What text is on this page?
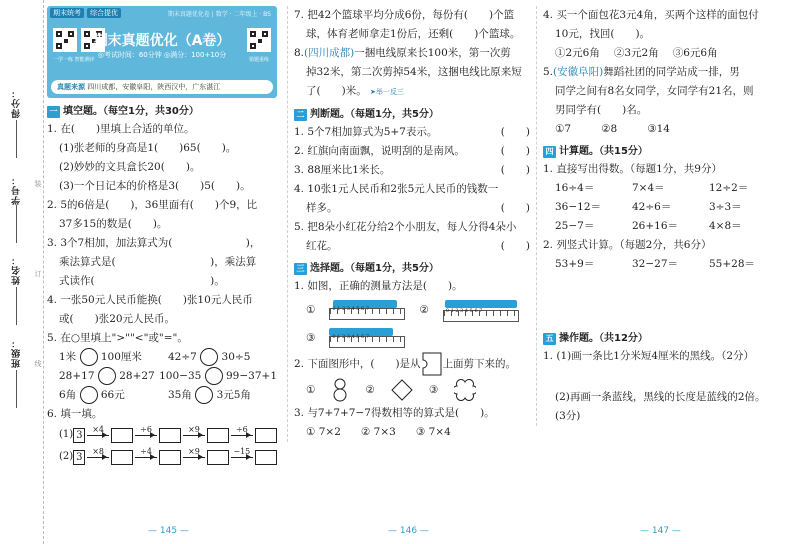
得分：
学号：
姓名：
班级：
装
订
线
期末统考 综合提优	期末真题优化卷 | 数学 · 二年级上 · BS
一学一练 智能测评
期末真题优化（A卷）
◎考试时间：60分钟 ◎满分：100+10分
错题重练
真题来源 四川成都，安徽阜阳，陕西汉中，广东湛江
一 填空题。（每空1分，共30分）
1. 在(　　)里填上合适的单位。
(1)张老师的身高是1(　　)65(　　)。
(2)妙妙的文具盒长20(　　)。
(3)一个日记本的价格是3(　　)5(　　)。
2. 5的6倍是(　　)，36里面有(　　)个9，比
37多15的数是(　　)。
3. 3个7相加，加法算式为(　　　　　　　)，
乘法算式是(　　　　　　　　　)，乘法算
式读作(　　　　　　　　　　　)。
4. 一张50元人民币能换(　　)张10元人民币
或(　　)张20元人民币。
5. 在○里填上">""<"或"="。
1米 100厘米	42÷7 30÷5
28+17 28+27 100−35 99−37+1
6角 66元	35角 3元5角
6. 填一填。
(1) 3
×4	÷6	×9	÷6
(2) 3
×8	÷4	×9	−15
— 145 —
7. 把42个篮球平均分成6份，每份有(　　)个篮
球，体育老师拿走1份后，还剩(　　)个篮球。
8.(四川成都)一捆电线原来长100米，第一次剪
掉32米，第二次剪掉54米，这捆电线比原来短
了(　　)米。 ➤举一反三
二 判断题。（每题1分，共5分）
1. 5个7相加算式为5+7表示。	(　　)
2. 红旗向南面飘，说明刮的是南风。	(　　)
3. 88厘米比1米长。	(　　)
4. 10张1元人民币和2张5元人民币的钱数一
样多。	(　　)
5. 把8朵小红花分给2个小朋友，每人分得4朵小
红花。	(　　)
三 选择题。（每题1分，共5分）
1. 如图，正确的测量方法是(　　)。
①	0 1 2 3 4 5 6 7	②	0 1 2 3 4 5 6 7
③	0 1 2 3 4 5 6 7
2. 下面图形中，(　　)是从 上面剪下来的。
①	②	③
3. 与7+7+7−7得数相等的算式是(　　)。
① 7×2 ② 7×3 ③ 7×4
— 146 —
4. 买一个面包花3元4角，买两个这样的面包付
10元，找回(　　)。
①2元6角 ②3元2角 ③6元6角
5.(安徽阜阳)舞蹈社团的同学站成一排，男
同学之间有8名女同学，女同学有21名，则
男同学有(　　)名。
①7	②8	③14
四 计算题。（共15分）
1. 直接写出得数。（每题1分，共9分）
16÷4＝	7×4＝	12÷2＝
36−12＝	42÷6＝	3÷3＝
25−7＝	26+16＝	4×8＝
2. 列竖式计算。（每题2分，共6分）
53+9＝	32−27＝	55+28＝
五 操作题。（共12分）
1. (1)画一条比1分米短4厘米的黑线。（2分）
(2)再画一条蓝线，黑线的长度是蓝线的2倍。
(3分)
— 147 —
